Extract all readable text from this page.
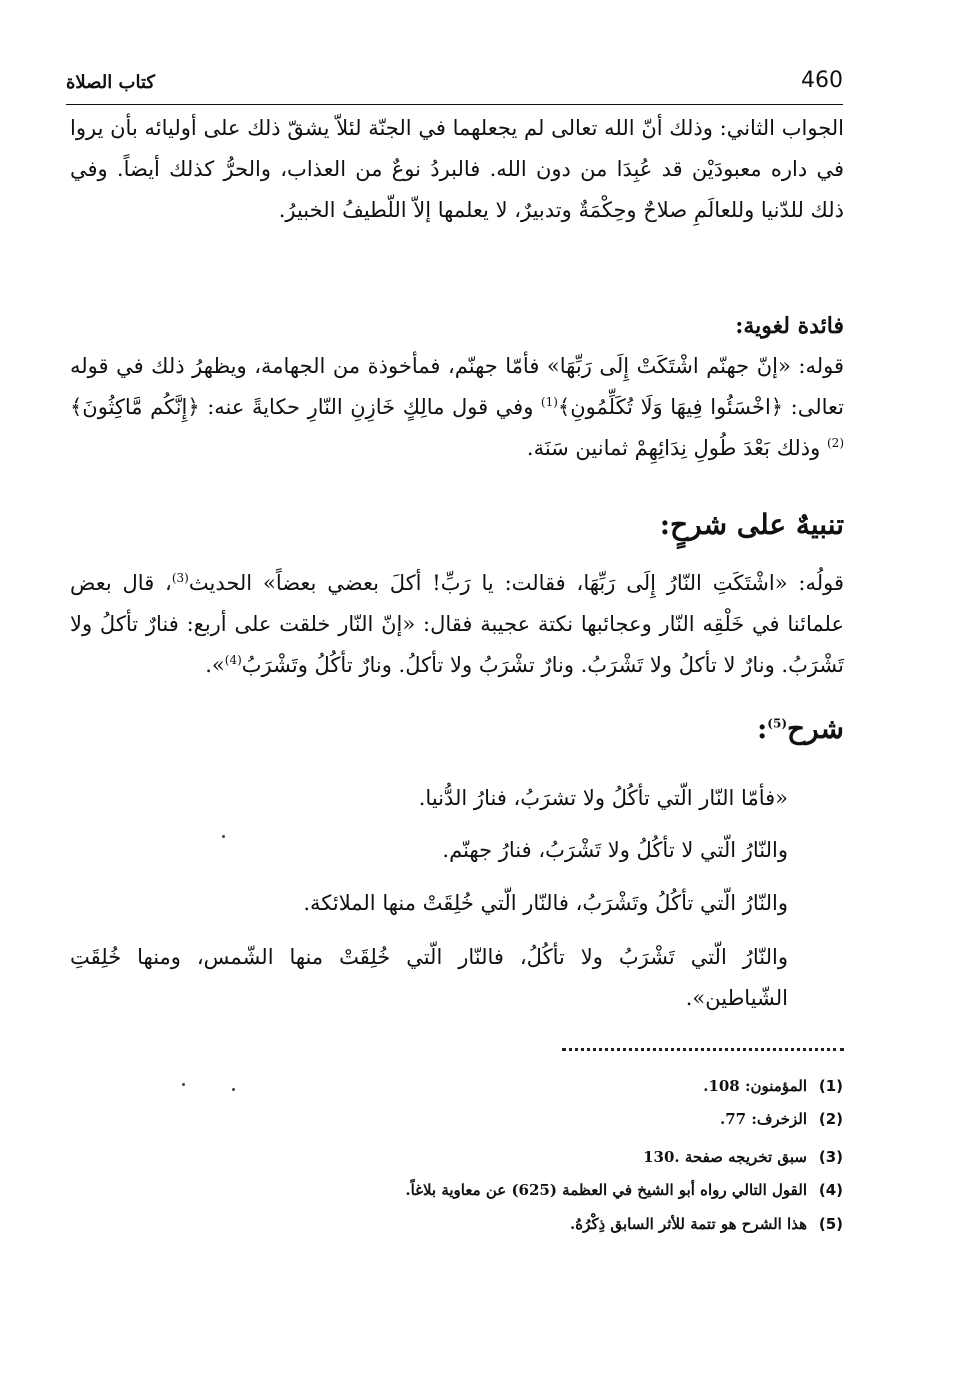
460
كتاب الصلاة

الجواب الثاني: وذلك أنّ الله تعالى لم يجعلهما في الجنّة لئلاّ يشقّ ذلك على أوليائه بأن يروا في داره معبودَيْن قد عُبِدَا من دون الله. فالبردُ نوعٌ من العذاب، والحرُّ كذلك أيضاً. وفي ذلك للدّنيا وللعالَمِ صلاحٌ وحِكْمَةٌ وتدبيرٌ، لا يعلمها إلاّ اللّطيفُ الخبيرُ.

فائدة لغوية:

قوله: «إنّ جهنّم اشْتَكَتْ إِلَى رَبِّهَا» فأمّا جهنّم، فمأخوذة من الجهامة، ويظهرُ ذلك في قوله تعالى: ﴿اخْسَئُوا فِيهَا وَلَا تُكَلِّمُونِ﴾$^{(1)}$ وفي قول مالِكٍ خَازِنِ النّارِ حكايةً عنه: ﴿إِنَّكُم مَّاكِثُونَ﴾$^{(2)}$ وذلك بَعْدَ طُولِ نِدَائِهِمْ ثمانين سَنَة.

تنبيهٌ على شرحٍ:

قولُه: «اشْتَكَتِ النّارُ إِلَى رَبِّهَا، فقالت: يا رَبِّ! أكلَ بعضي بعضاً» الحديث$^{(3)}$، قال بعض علمائنا في خَلْقِه النّار وعجائبها نكتة عجيبة فقال: «إنّ النّار خلقت على أربع: فنارٌ تأكلُ ولا تَشْرَبُ. ونارٌ لا تأكلُ ولا تَشْرَبُ. ونارٌ تشْرَبُ ولا تأكلُ. ونارٌ تأكُلُ وتَشْرَبُ$^{(4)}$».

شرح$^{(5)}$:
«فأمّا النّار الّتي تأكُلُ ولا تشرَبُ، فنارُ الدُّنيا.
والنّارُ الّتي لا تأكُلُ ولا تَشْرَبُ، فنارُ جهنّم.
والنّارُ الّتي تأكُلُ وتَشْرَبُ، فالنّار الّتي خُلِقَتْ منها الملائكة.
والنّارُ الّتي تَشْرَبُ ولا تأكُلُ، فالنّار الّتي خُلِقَتْ منها الشّمس، ومنها خُلِقَتِ الشّياطين».
(1)المؤمنون: 108.
(2)الزخرف: 77.
(3)سبق تخريجه صفحة .130
(4)القول التالي رواه أبو الشيخ في العظمة (625) عن معاوية بلاغاً.
(5)هذا الشرح هو تتمة للأثر السابق ذِكْرُهُ.
